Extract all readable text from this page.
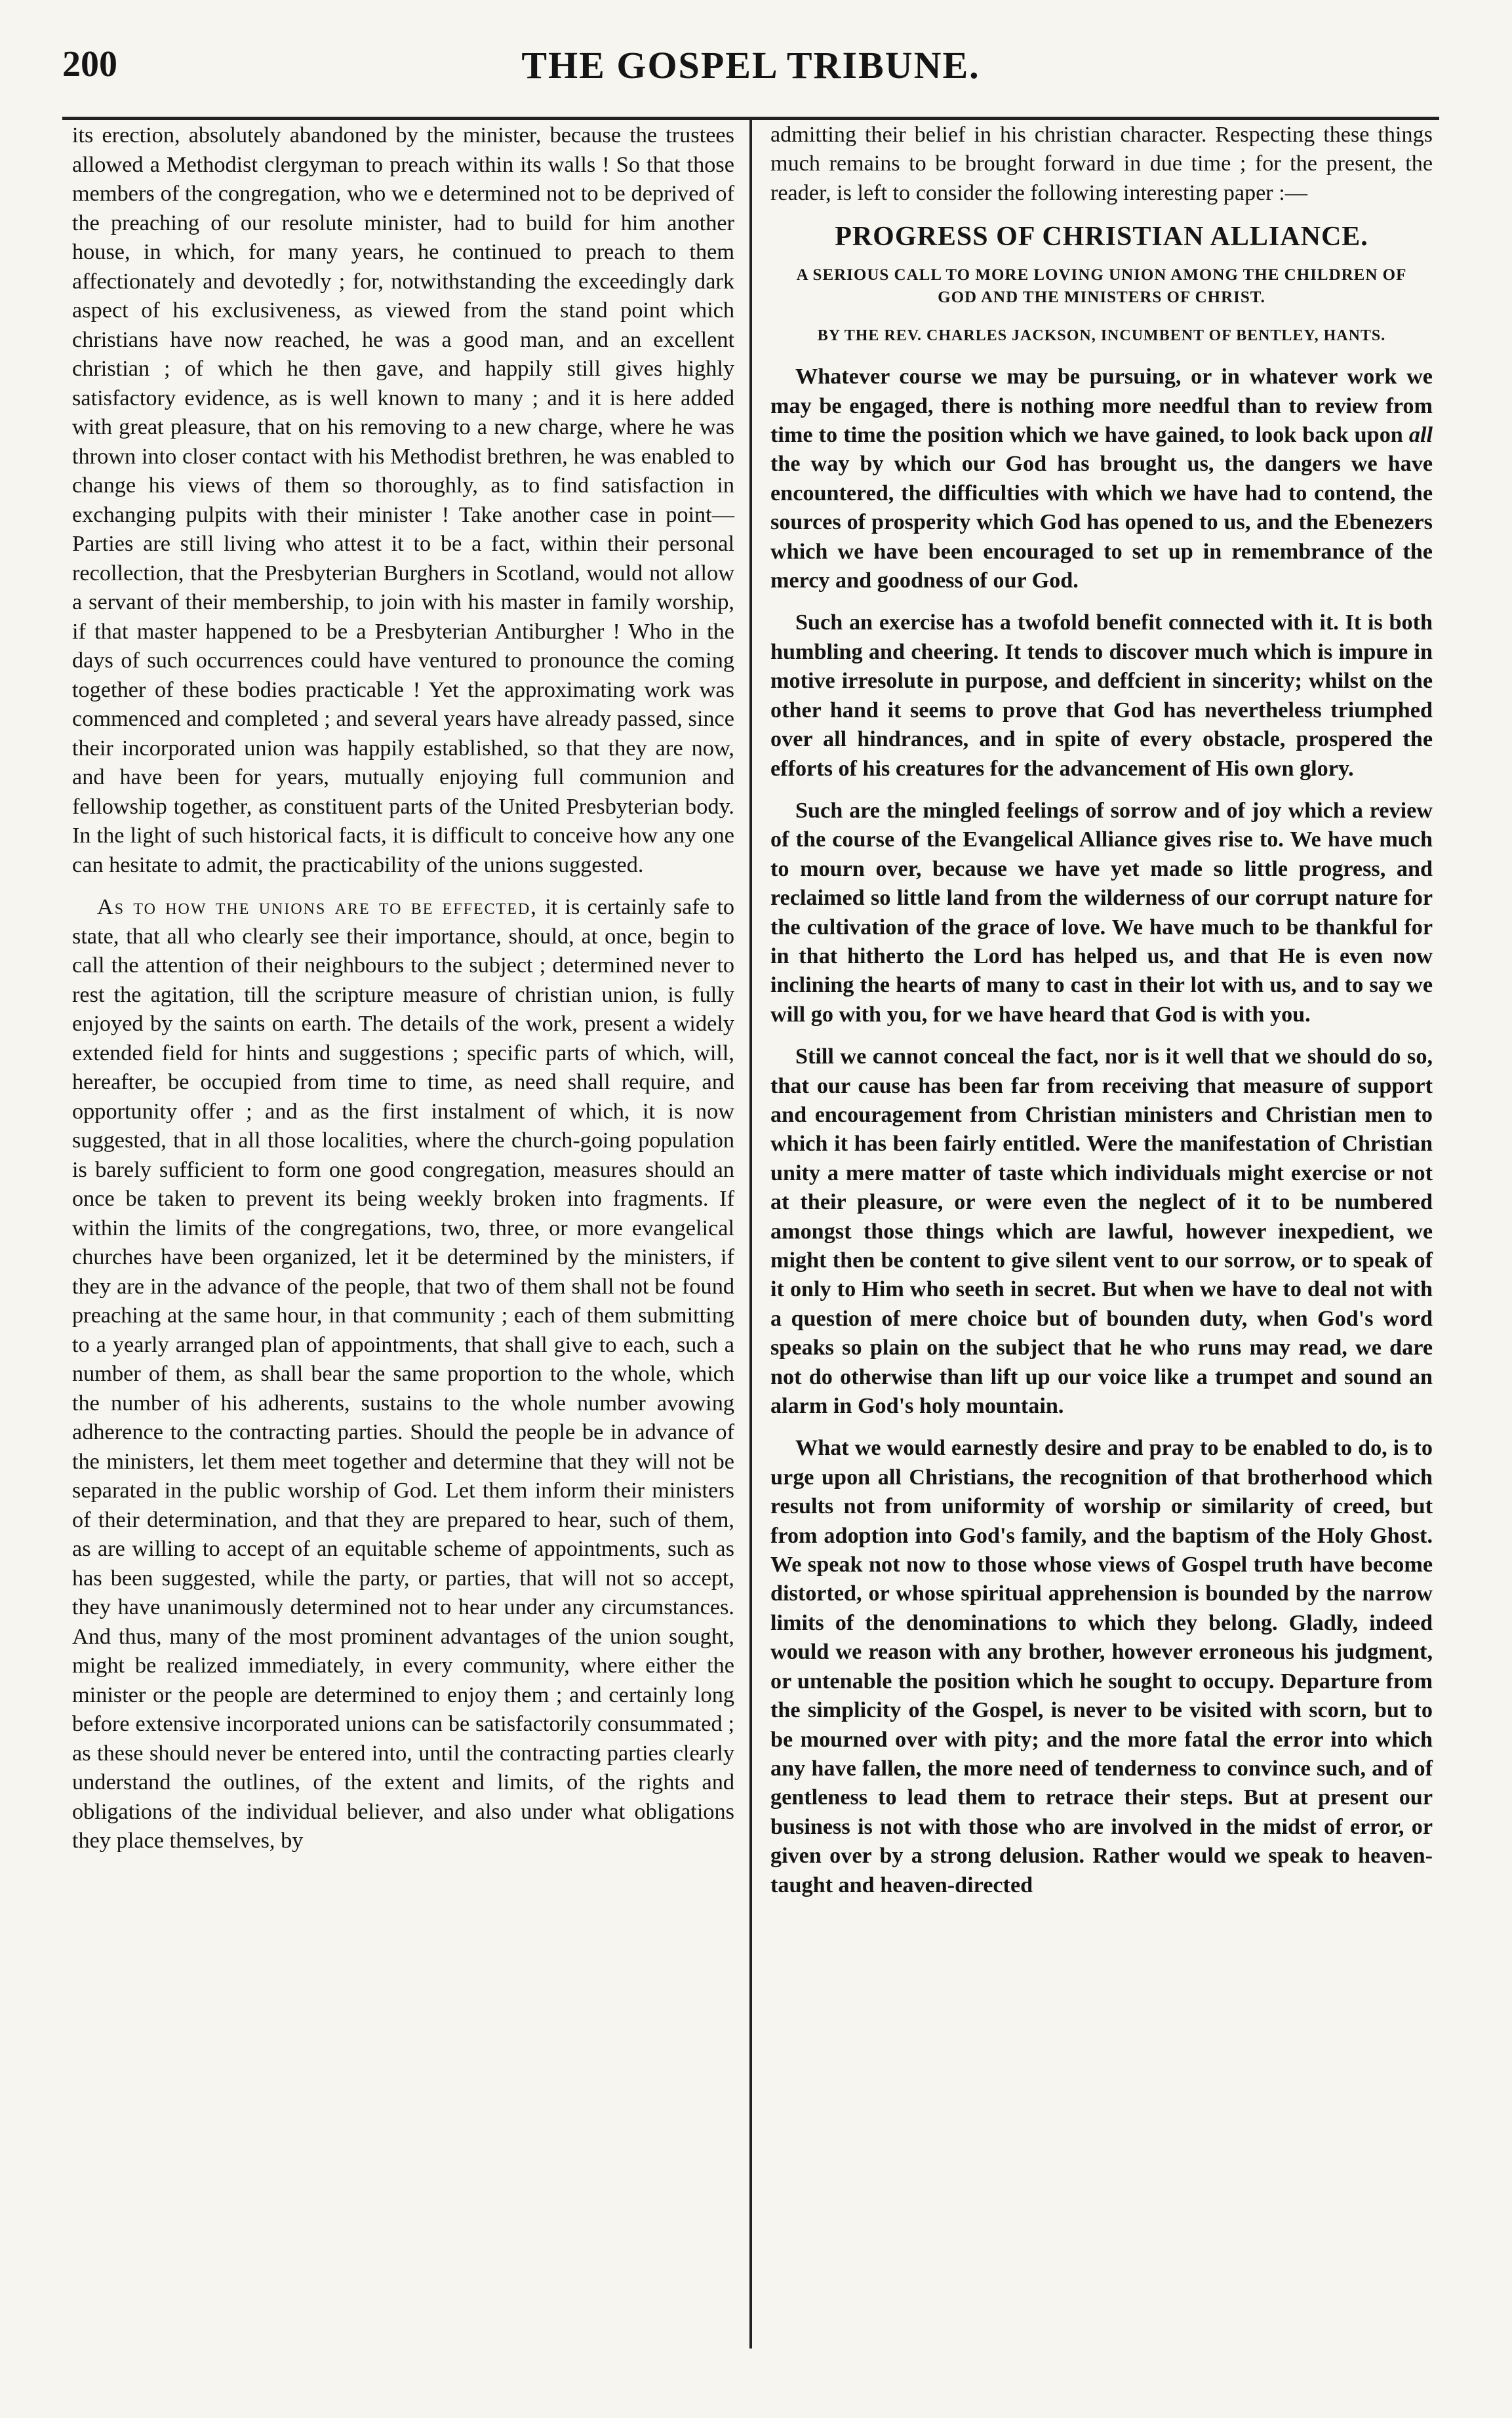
200	THE GOSPEL TRIBUNE.

its erection, absolutely abandoned by the minister, because the trustees allowed a Methodist clergyman to preach within its walls ! So that those members of the congregation, who we e determined not to be deprived of the preaching of our resolute minister, had to build for him another house, in which, for many years, he continued to preach to them affectionately and devotedly ; for, notwithstanding the exceedingly dark aspect of his exclusiveness, as viewed from the stand point which christians have now reached, he was a good man, and an excellent christian ; of which he then gave, and happily still gives highly satisfactory evidence, as is well known to many ; and it is here added with great pleasure, that on his removing to a new charge, where he was thrown into closer contact with his Methodist brethren, he was enabled to change his views of them so thoroughly, as to find satisfaction in exchanging pulpits with their minister ! Take another case in point—Parties are still living who attest it to be a fact, within their personal recollection, that the Presbyterian Burghers in Scotland, would not allow a servant of their membership, to join with his master in family worship, if that master happened to be a Presbyterian Antiburgher ! Who in the days of such occurrences could have ventured to pronounce the coming together of these bodies practicable ! Yet the approximating work was commenced and completed ; and several years have already passed, since their incorporated union was happily established, so that they are now, and have been for years, mutually enjoying full communion and fellowship together, as constituent parts of the United Presbyterian body. In the light of such historical facts, it is difficult to conceive how any one can hesitate to admit, the practicability of the unions suggested.

As to how the unions are to be effected, it is certainly safe to state, that all who clearly see their importance, should, at once, begin to call the attention of their neighbours to the subject ; determined never to rest the agitation, till the scripture measure of christian union, is fully enjoyed by the saints on earth. The details of the work, present a widely extended field for hints and suggestions ; specific parts of which, will, hereafter, be occupied from time to time, as need shall require, and opportunity offer ; and as the first instalment of which, it is now suggested, that in all those localities, where the church-going population is barely sufficient to form one good congregation, measures should an once be taken to prevent its being weekly broken into fragments. If within the limits of the congregations, two, three, or more evangelical churches have been organized, let it be determined by the ministers, if they are in the advance of the people, that two of them shall not be found preaching at the same hour, in that community ; each of them submitting to a yearly arranged plan of appointments, that shall give to each, such a number of them, as shall bear the same proportion to the whole, which the number of his adherents, sustains to the whole number avowing adherence to the contracting parties. Should the people be in advance of the ministers, let them meet together and determine that they will not be separated in the public worship of God. Let them inform their ministers of their determination, and that they are prepared to hear, such of them, as are willing to accept of an equitable scheme of appointments, such as has been suggested, while the party, or parties, that will not so accept, they have unanimously determined not to hear under any circumstances. And thus, many of the most prominent advantages of the union sought, might be realized immediately, in every community, where either the minister or the people are determined to enjoy them ; and certainly long before extensive incorporated unions can be satisfactorily consummated ; as these should never be entered into, until the contracting parties clearly understand the outlines, of the extent and limits, of the rights and obligations of the individual believer, and also under what obligations they place themselves, by

admitting their belief in his christian character. Respecting these things much remains to be brought forward in due time ; for the present, the reader, is left to consider the following interesting paper :—

PROGRESS OF CHRISTIAN ALLIANCE.
A SERIOUS CALL TO MORE LOVING UNION AMONG THE CHILDREN OF GOD AND THE MINISTERS OF CHRIST.
BY THE REV. CHARLES JACKSON, INCUMBENT OF BENTLEY, HANTS.

Whatever course we may be pursuing, or in whatever work we may be engaged, there is nothing more needful than to review from time to time the position which we have gained, to look back upon all the way by which our God has brought us, the dangers we have encountered, the difficulties with which we have had to contend, the sources of prosperity which God has opened to us, and the Ebenezers which we have been encouraged to set up in remembrance of the mercy and goodness of our God.

Such an exercise has a twofold benefit connected with it. It is both humbling and cheering. It tends to discover much which is impure in motive irresolute in purpose, and deffcient in sincerity; whilst on the other hand it seems to prove that God has nevertheless triumphed over all hindrances, and in spite of every obstacle, prospered the efforts of his creatures for the advancement of His own glory.

Such are the mingled feelings of sorrow and of joy which a review of the course of the Evangelical Alliance gives rise to. We have much to mourn over, because we have yet made so little progress, and reclaimed so little land from the wilderness of our corrupt nature for the cultivation of the grace of love. We have much to be thankful for in that hitherto the Lord has helped us, and that He is even now inclining the hearts of many to cast in their lot with us, and to say we will go with you, for we have heard that God is with you.

Still we cannot conceal the fact, nor is it well that we should do so, that our cause has been far from receiving that measure of support and encouragement from Christian ministers and Christian men to which it has been fairly entitled. Were the manifestation of Christian unity a mere matter of taste which individuals might exercise or not at their pleasure, or were even the neglect of it to be numbered amongst those things which are lawful, however inexpedient, we might then be content to give silent vent to our sorrow, or to speak of it only to Him who seeth in secret. But when we have to deal not with a question of mere choice but of bounden duty, when God's word speaks so plain on the subject that he who runs may read, we dare not do otherwise than lift up our voice like a trumpet and sound an alarm in God's holy mountain.

What we would earnestly desire and pray to be enabled to do, is to urge upon all Christians, the recognition of that brotherhood which results not from uniformity of worship or similarity of creed, but from adoption into God's family, and the baptism of the Holy Ghost. We speak not now to those whose views of Gospel truth have become distorted, or whose spiritual apprehension is bounded by the narrow limits of the denominations to which they belong. Gladly, indeed would we reason with any brother, however erroneous his judgment, or untenable the position which he sought to occupy. Departure from the simplicity of the Gospel, is never to be visited with scorn, but to be mourned over with pity; and the more fatal the error into which any have fallen, the more need of tenderness to convince such, and of gentleness to lead them to retrace their steps. But at present our business is not with those who are involved in the midst of error, or given over by a strong delusion. Rather would we speak to heaven-taught and heaven-directed
